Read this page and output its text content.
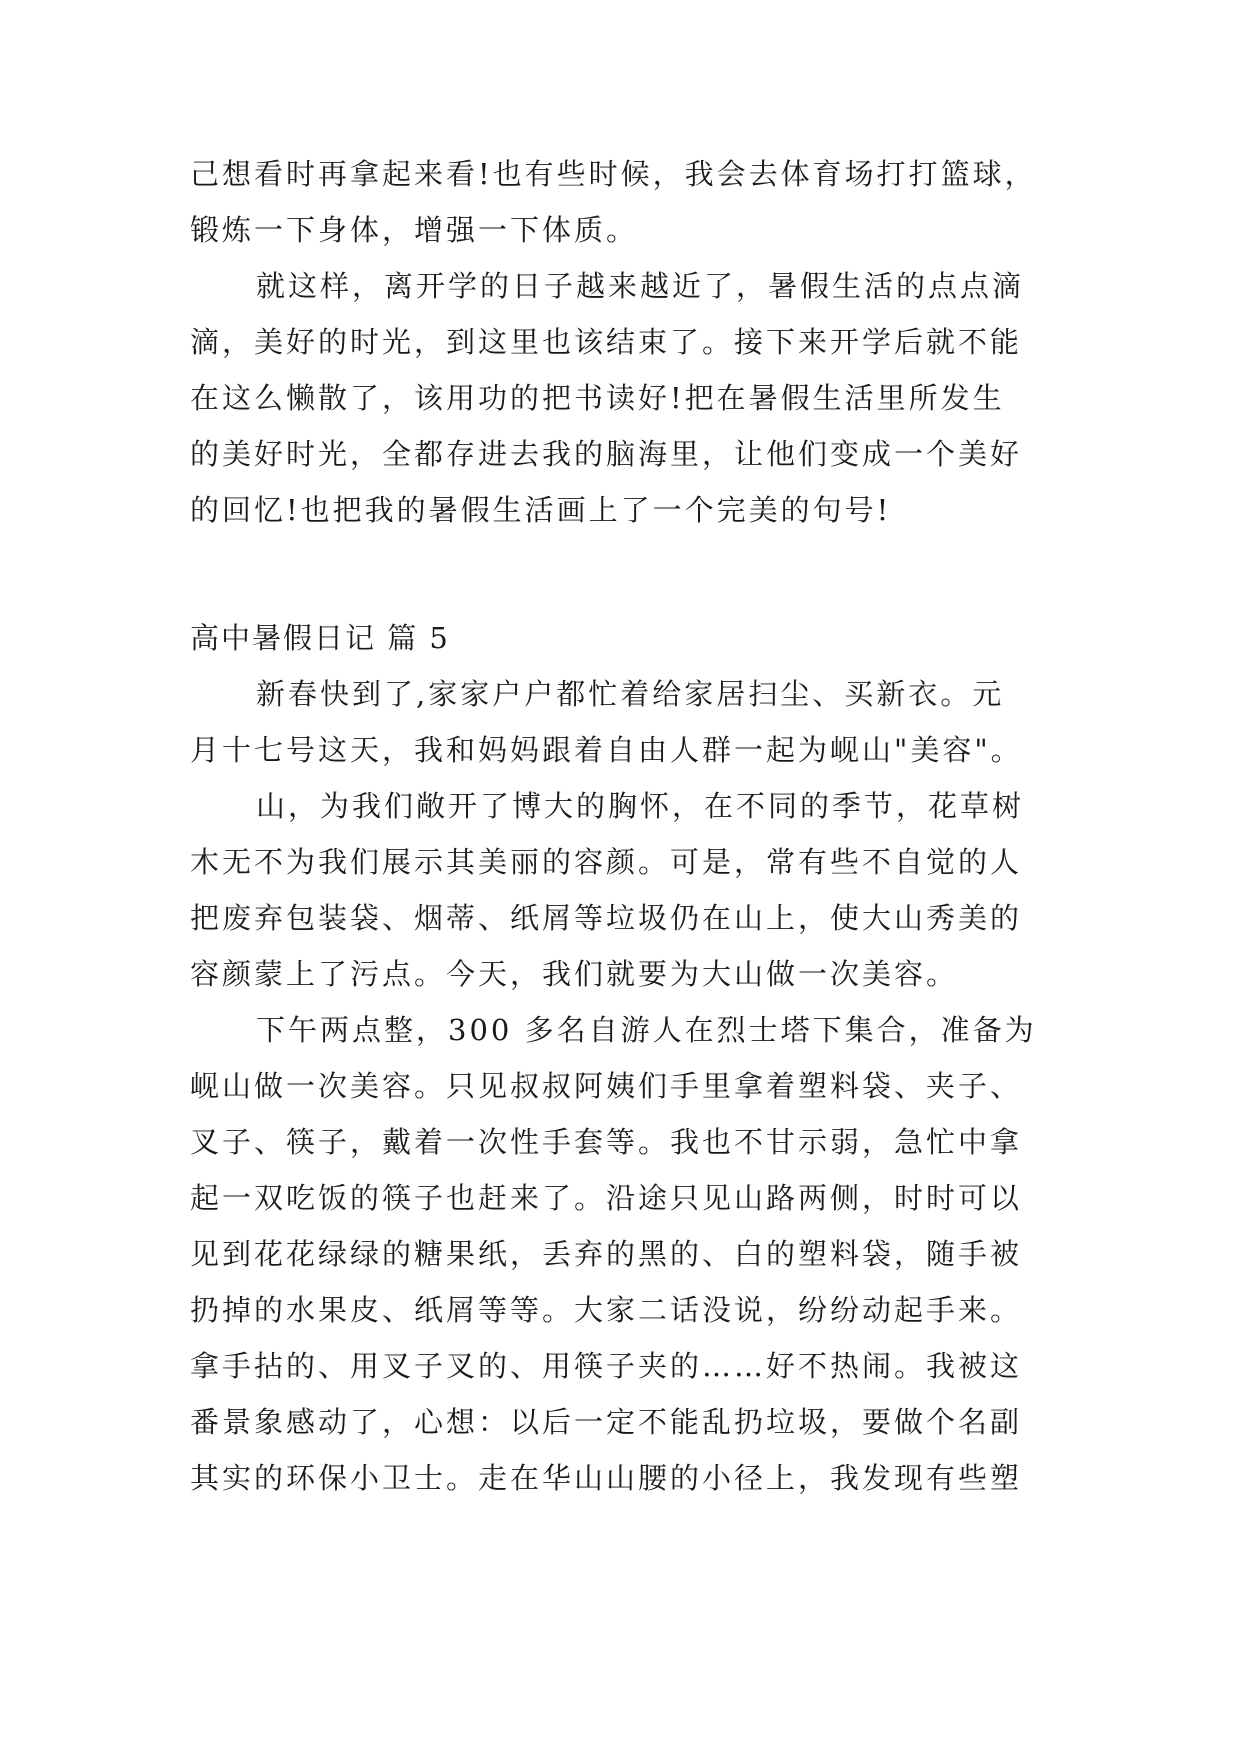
己想看时再拿起来看!也有些时候，我会去体育场打打篮球，
锻炼一下身体，增强一下体质。
就这样，离开学的日子越来越近了，暑假生活的点点滴
滴，美好的时光，到这里也该结束了。接下来开学后就不能
在这么懒散了，该用功的把书读好!把在暑假生活里所发生
的美好时光，全都存进去我的脑海里，让他们变成一个美好
的回忆!也把我的暑假生活画上了一个完美的句号!
高中暑假日记 篇 5
新春快到了,家家户户都忙着给家居扫尘、买新衣。元
月十七号这天，我和妈妈跟着自由人群一起为岘山"美容"。
山，为我们敞开了博大的胸怀，在不同的季节，花草树
木无不为我们展示其美丽的容颜。可是，常有些不自觉的人
把废弃包装袋、烟蒂、纸屑等垃圾仍在山上，使大山秀美的
容颜蒙上了污点。今天，我们就要为大山做一次美容。
下午两点整，300 多名自游人在烈士塔下集合，准备为
岘山做一次美容。只见叔叔阿姨们手里拿着塑料袋、夹子、
叉子、筷子，戴着一次性手套等。我也不甘示弱，急忙中拿
起一双吃饭的筷子也赶来了。沿途只见山路两侧，时时可以
见到花花绿绿的糖果纸，丢弃的黑的、白的塑料袋，随手被
扔掉的水果皮、纸屑等等。大家二话没说，纷纷动起手来。
拿手拈的、用叉子叉的、用筷子夹的……好不热闹。我被这
番景象感动了，心想：以后一定不能乱扔垃圾，要做个名副
其实的环保小卫士。走在华山山腰的小径上，我发现有些塑
